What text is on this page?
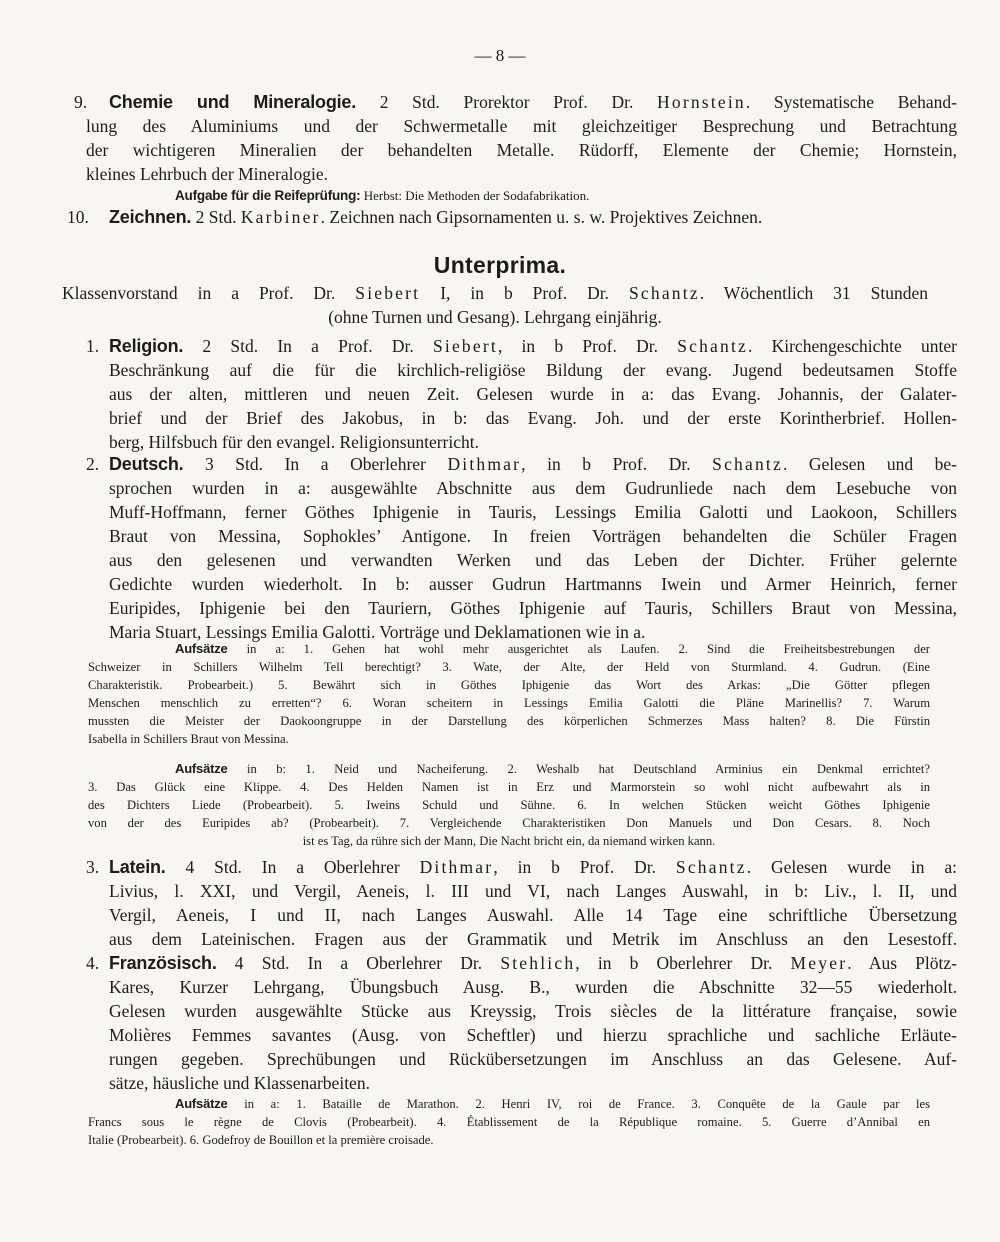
— 8 —
9. Chemie und Mineralogie. 2 Std. Prorektor Prof. Dr. Hornstein. Systematische Behand-
lung des Aluminiums und der Schwermetalle mit gleichzeitiger Besprechung und Betrachtung
der wichtigeren Mineralien der behandelten Metalle. Rüdorff, Elemente der Chemie; Hornstein,
kleines Lehrbuch der Mineralogie.
Aufgabe für die Reifeprüfung: Herbst: Die Methoden der Sodafabrikation.
10. Zeichnen. 2 Std. Karbiner. Zeichnen nach Gipsornamenten u. s. w. Projektives Zeichnen.
Unterprima.
Klassenvorstand in a Prof. Dr. Siebert I, in b Prof. Dr. Schantz. Wöchentlich 31 Stunden
(ohne Turnen und Gesang). Lehrgang einjährig.
1. Religion. 2 Std. In a Prof. Dr. Siebert, in b Prof. Dr. Schantz. Kirchengeschichte unter
Beschränkung auf die für die kirchlich-religiöse Bildung der evang. Jugend bedeutsamen Stoffe
aus der alten, mittleren und neuen Zeit. Gelesen wurde in a: das Evang. Johannis, der Galater-
brief und der Brief des Jakobus, in b: das Evang. Joh. und der erste Korintherbrief. Hollen-
berg, Hilfsbuch für den evangel. Religionsunterricht.
2. Deutsch. 3 Std. In a Oberlehrer Dithmar, in b Prof. Dr. Schantz. Gelesen und be-
sprochen wurden in a: ausgewählte Abschnitte aus dem Gudrunliede nach dem Lesebuche von
Muff-Hoffmann, ferner Göthes Iphigenie in Tauris, Lessings Emilia Galotti und Laokoon, Schillers
Braut von Messina, Sophokles’ Antigone. In freien Vorträgen behandelten die Schüler Fragen
aus den gelesenen und verwandten Werken und das Leben der Dichter. Früher gelernte
Gedichte wurden wiederholt. In b: ausser Gudrun Hartmanns Iwein und Armer Heinrich, ferner
Euripides, Iphigenie bei den Tauriern, Göthes Iphigenie auf Tauris, Schillers Braut von Messina,
Maria Stuart, Lessings Emilia Galotti. Vorträge und Deklamationen wie in a.
Aufsätze in a: 1. Gehen hat wohl mehr ausgerichtet als Laufen. 2. Sind die Freiheitsbestrebungen der
Schweizer in Schillers Wilhelm Tell berechtigt? 3. Wate, der Alte, der Held von Sturmland. 4. Gudrun. (Eine
Charakteristik. Probearbeit.) 5. Bewährt sich in Göthes Iphigenie das Wort des Arkas: „Die Götter pflegen
Menschen menschlich zu erretten“? 6. Woran scheitern in Lessings Emilia Galotti die Pläne Marinellis? 7. Warum
mussten die Meister der Daokoongruppe in der Darstellung des körperlichen Schmerzes Mass halten? 8. Die Fürstin
Isabella in Schillers Braut von Messina.
Aufsätze in b: 1. Neid und Nacheiferung. 2. Weshalb hat Deutschland Arminius ein Denkmal errichtet?
3. Das Glück eine Klippe. 4. Des Helden Namen ist in Erz und Marmorstein so wohl nicht aufbewahrt als in
des Dichters Liede (Probearbeit). 5. Iweins Schuld und Sühne. 6. In welchen Stücken weicht Göthes Iphigenie
von der des Euripides ab? (Probearbeit). 7. Vergleichende Charakteristiken Don Manuels und Don Cesars. 8. Noch
ist es Tag, da rühre sich der Mann, Die Nacht bricht ein, da niemand wirken kann.
3. Latein. 4 Std. In a Oberlehrer Dithmar, in b Prof. Dr. Schantz. Gelesen wurde in a:
Livius, l. XXI, und Vergil, Aeneis, l. III und VI, nach Langes Auswahl, in b: Liv., l. II, und
Vergil, Aeneis, I und II, nach Langes Auswahl. Alle 14 Tage eine schriftliche Übersetzung
aus dem Lateinischen. Fragen aus der Grammatik und Metrik im Anschluss an den Lesestoff.
4. Französisch. 4 Std. In a Oberlehrer Dr. Stehlich, in b Oberlehrer Dr. Meyer. Aus Plötz-
Kares, Kurzer Lehrgang, Übungsbuch Ausg. B., wurden die Abschnitte 32—55 wiederholt.
Gelesen wurden ausgewählte Stücke aus Kreyssig, Trois siècles de la littérature française, sowie
Molières Femmes savantes (Ausg. von Scheftler) und hierzu sprachliche und sachliche Erläute-
rungen gegeben. Sprechübungen und Rückübersetzungen im Anschluss an das Gelesene. Auf-
sätze, häusliche und Klassenarbeiten.
Aufsätze in a: 1. Bataille de Marathon. 2. Henri IV, roi de France. 3. Conquête de la Gaule par les
Francs sous le règne de Clovis (Probearbeit). 4. Établissement de la République romaine. 5. Guerre d’Annibal en
Italie (Probearbeit). 6. Godefroy de Bouillon et la première croisade.
